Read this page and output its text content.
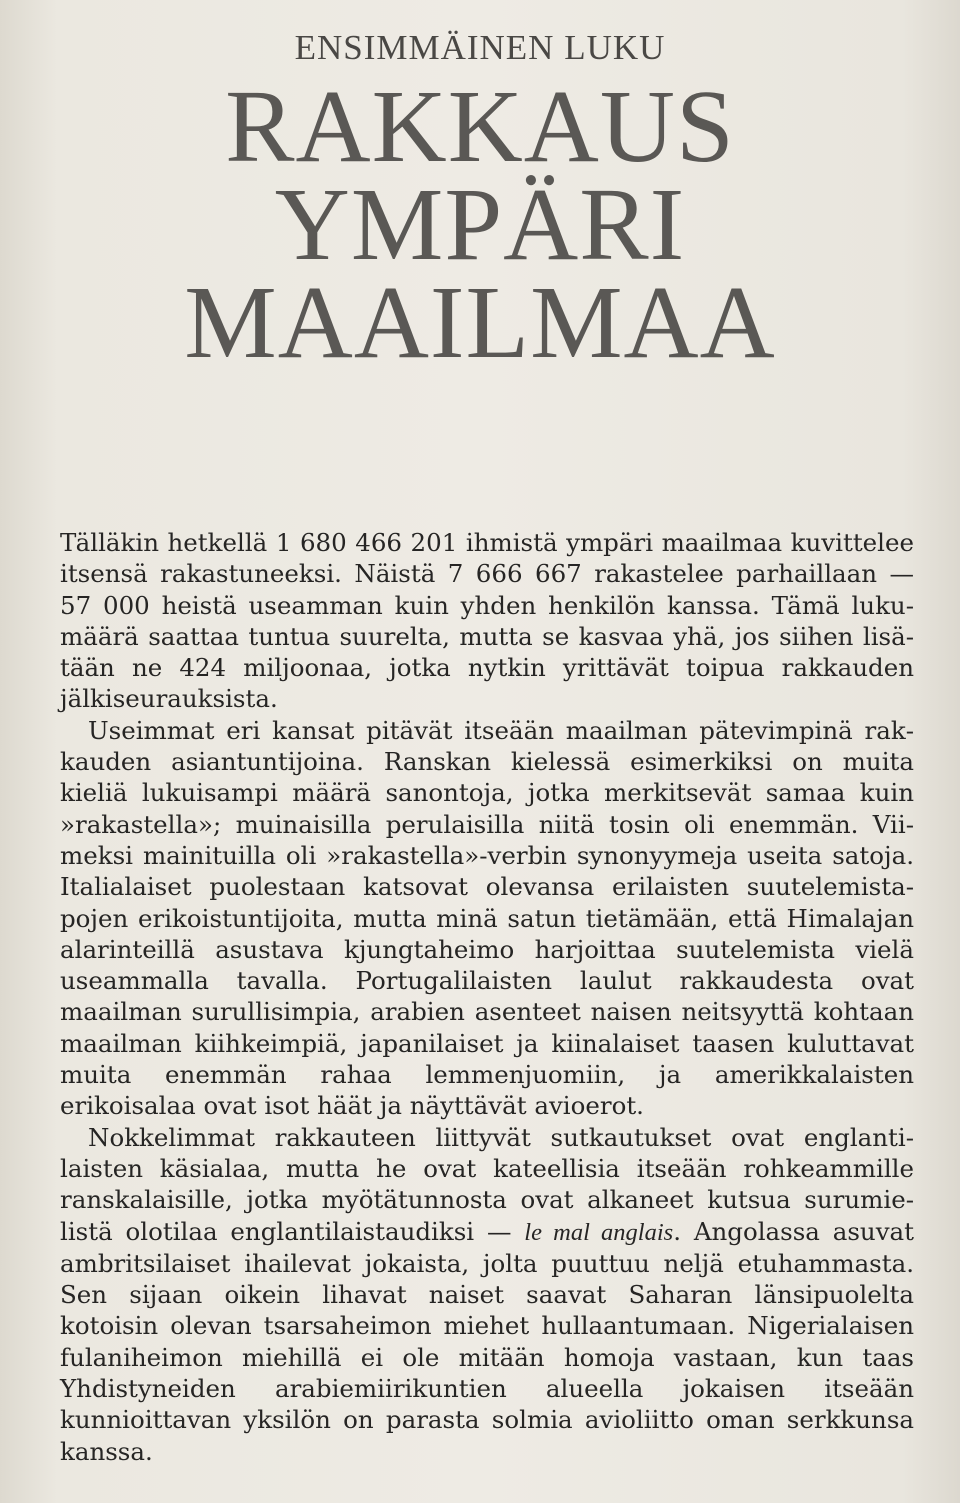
ENSIMMÄINEN LUKU
RAKKAUS
YMPÄRI
MAAILMAA

Tälläkin hetkellä 1 680 466 201 ihmistä ympäri maailmaa kuvittelee itsensä rakastuneeksi. Näistä 7 666 667 rakastelee parhaillaan — 57 000 heistä useamman kuin yhden henkilön kanssa. Tämä lukumäärä saattaa tuntua suurelta, mutta se kasvaa yhä, jos siihen lisätään ne 424 miljoonaa, jotka nytkin yrittävät toipua rakkauden jälkiseurauksista.

Useimmat eri kansat pitävät itseään maailman pätevimpinä rakkauden asiantuntijoina. Ranskan kielessä esimerkiksi on muita kieliä lukuisampi määrä sanontoja, jotka merkitsevät samaa kuin »rakastella»; muinaisilla perulaisilla niitä tosin oli enemmän. Viimeksi mainituilla oli »rakastella»-verbin synonyymeja useita satoja. Italialaiset puolestaan katsovat olevansa erilaisten suutelemistapojen erikoistuntijoita, mutta minä satun tietämään, että Himalajan alarinteillä asustava kjungtaheimo harjoittaa suutelemista vielä useammalla tavalla. Portugalilaisten laulut rakkaudesta ovat maailman surullisimpia, arabien asenteet naisen neitsyyttä kohtaan maailman kiihkeimpiä, japanilaiset ja kiinalaiset taasen kuluttavat muita enemmän rahaa lemmenjuomiin, ja amerikkalaisten erikoisalaa ovat isot häät ja näyttävät avioerot.

Nokkelimmat rakkauteen liittyvät sutkautukset ovat englantilaisten käsialaa, mutta he ovat kateellisia itseään rohkeammille ranskalaisille, jotka myötätunnosta ovat alkaneet kutsua surumielistä olotilaa englantilaistaudiksi — le mal anglais. Angolassa asuvat ambritsilaiset ihailevat jokaista, jolta puuttuu neljä etuhammasta. Sen sijaan oikein lihavat naiset saavat Saharan länsipuolelta kotoisin olevan tsarsaheimon miehet hullaantumaan. Nigerialaisen fulaniheimon miehillä ei ole mitään homoja vastaan, kun taas Yhdistyneiden arabiemiirikuntien alueella jokaisen itseään kunnioittavan yksilön on parasta solmia avioliitto oman serkkunsa kanssa.
